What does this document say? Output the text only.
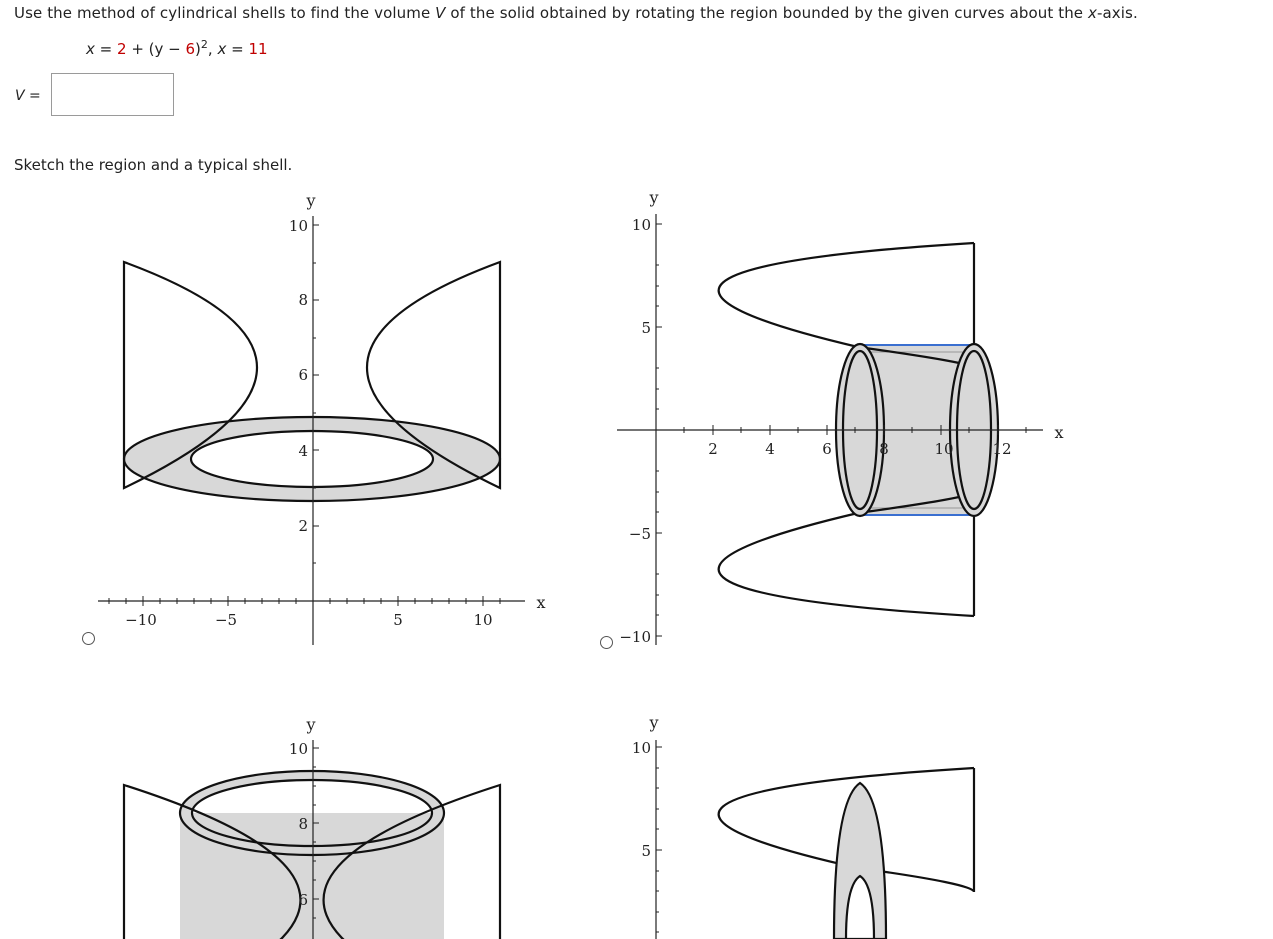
Use the method of cylindrical shells to find the volume V of the solid obtained by rotating the region bounded by the given curves about the x-axis.
$x = 2 + (y - 6)^2$, x = 11
V =
Sketch the region and a typical shell.
x
y
−10	−5	5	10
2
4
6
8
10
x
y
2	4	6	8	10	12
10
5
−5
−10
y
10
8
6
y
10
5
